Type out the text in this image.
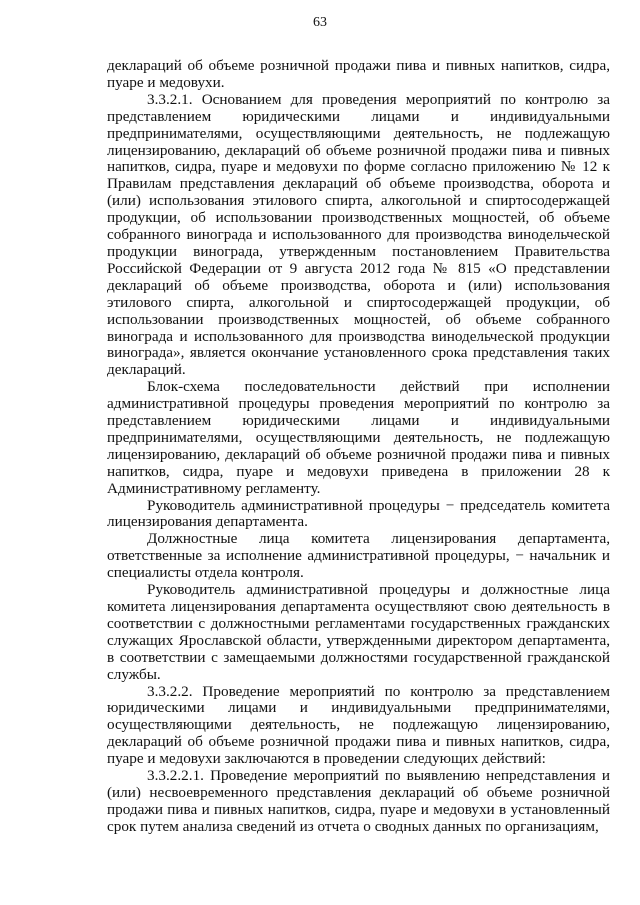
63

деклараций об объеме розничной продажи пива и пивных напитков, сидра, пуаре и медовухи.

3.3.2.1. Основанием для проведения мероприятий по контролю за представлением юридическими лицами и индивидуальными предпринимателями, осуществляющими деятельность, не подлежащую лицензированию, деклараций об объеме розничной продажи пива и пивных напитков, сидра, пуаре и медовухи по форме согласно приложению № 12 к Правилам представления деклараций об объеме производства, оборота и (или) использования этилового спирта, алкогольной и спиртосодержащей продукции, об использовании производственных мощностей, об объеме собранного винограда и использованного для производства винодельческой продукции винограда, утвержденным постановлением Правительства Российской Федерации от 9 августа 2012 года № 815 «О представлении деклараций об объеме производства, оборота и (или) использования этилового спирта, алкогольной и спиртосодержащей продукции, об использовании производственных мощностей, об объеме собранного винограда и использованного для производства винодельческой продукции винограда», является окончание установленного срока представления таких деклараций.

Блок-схема последовательности действий при исполнении административной процедуры проведения мероприятий по контролю за представлением юридическими лицами и индивидуальными предпринимателями, осуществляющими деятельность, не подлежащую лицензированию, деклараций об объеме розничной продажи пива и пивных напитков, сидра, пуаре и медовухи приведена в приложении 28 к Административному регламенту.

Руководитель административной процедуры − председатель комитета лицензирования департамента.

Должностные лица комитета лицензирования департамента, ответственные за исполнение административной процедуры, − начальник и специалисты отдела контроля.

Руководитель административной процедуры и должностные лица комитета лицензирования департамента осуществляют свою деятельность в соответствии с должностными регламентами государственных гражданских служащих Ярославской области, утвержденными директором департамента, в соответствии с замещаемыми должностями государственной гражданской службы.

3.3.2.2. Проведение мероприятий по контролю за представлением юридическими лицами и индивидуальными предпринимателями, осуществляющими деятельность, не подлежащую лицензированию, деклараций об объеме розничной продажи пива и пивных напитков, сидра, пуаре и медовухи заключаются в проведении следующих действий:

3.3.2.2.1. Проведение мероприятий по выявлению непредставления и (или) несвоевременного представления деклараций об объеме розничной продажи пива и пивных напитков, сидра, пуаре и медовухи в установленный срок путем анализа сведений из отчета о сводных данных по организациям,
